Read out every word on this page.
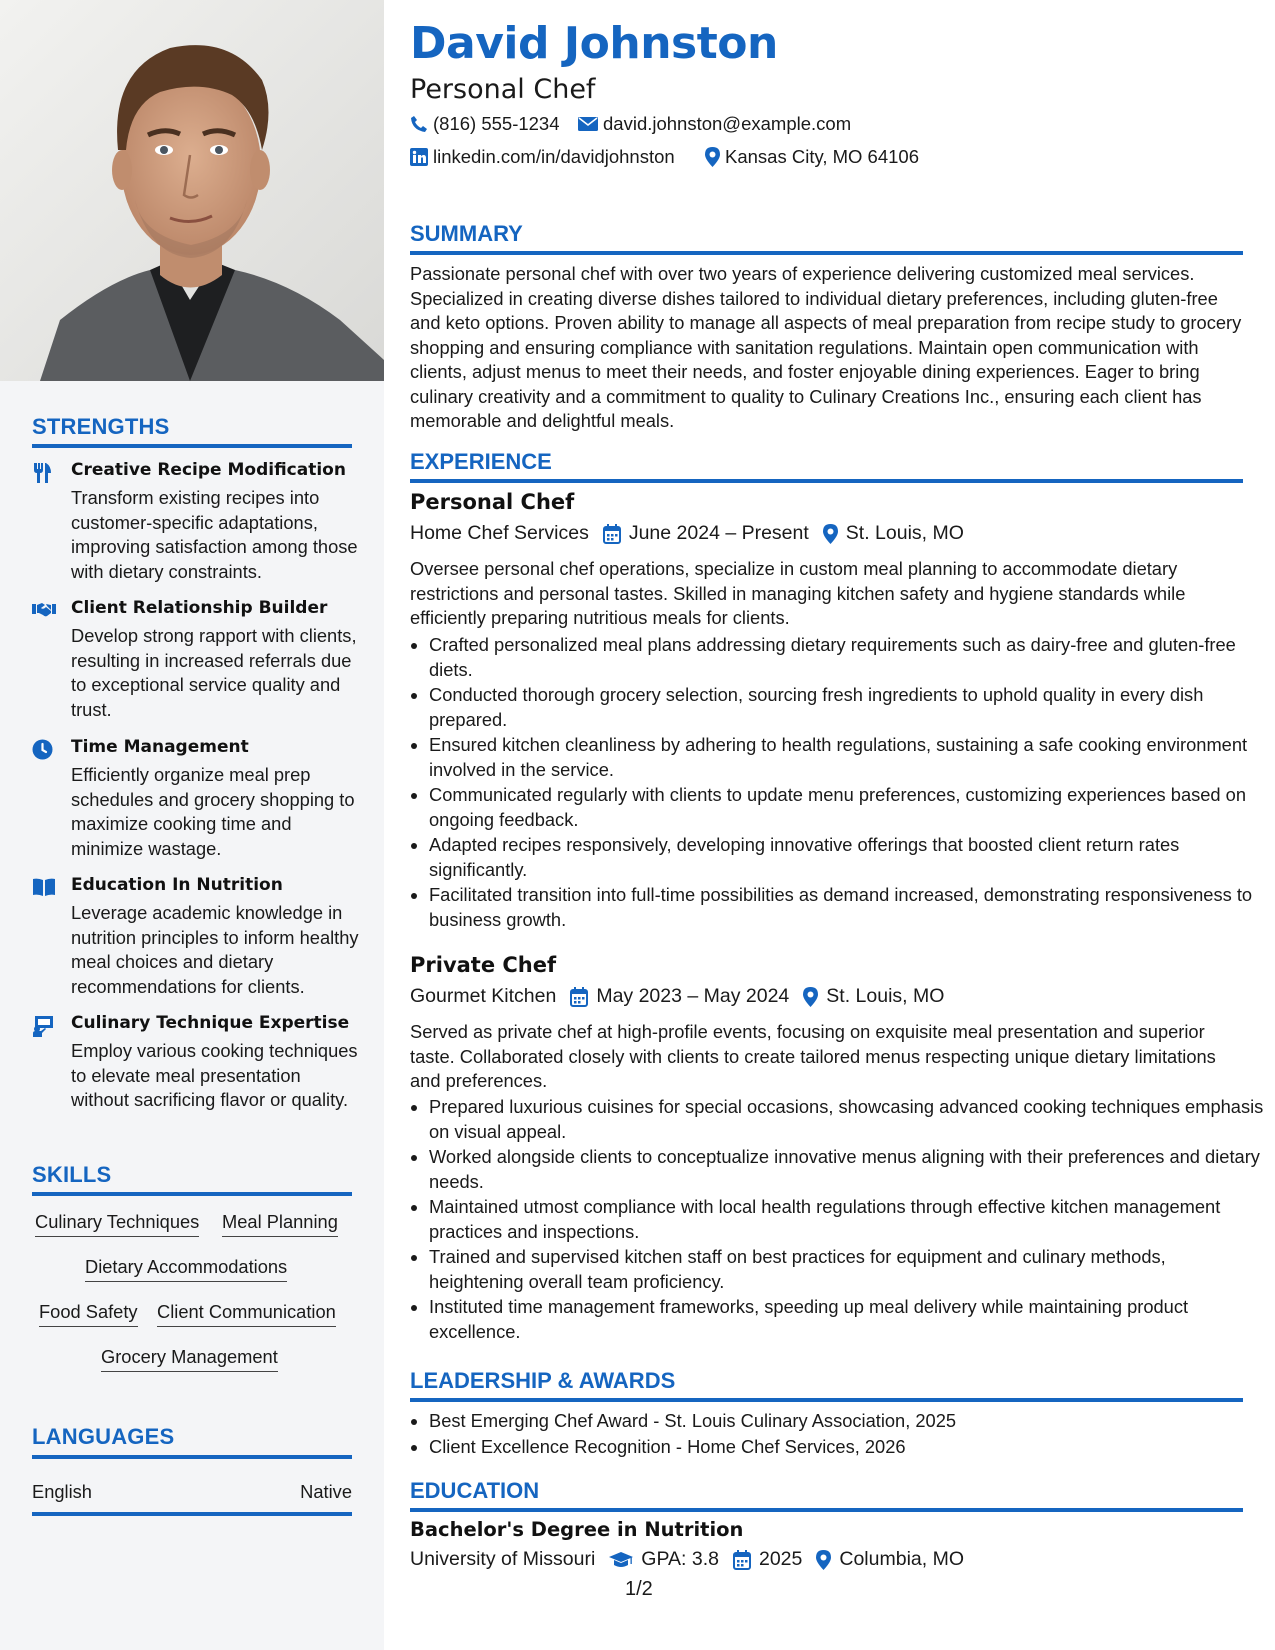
STRENGTHS
Creative Recipe Modification
Transform existing recipes into customer-specific adaptations, improving satisfaction among those with dietary constraints.
Client Relationship Builder
Develop strong rapport with clients, resulting in increased referrals due to exceptional service quality and trust.
Time Management
Efficiently organize meal prep schedules and grocery shopping to maximize cooking time and minimize wastage.
Education In Nutrition
Leverage academic knowledge in nutrition principles to inform healthy meal choices and dietary recommendations for clients.
Culinary Technique Expertise
Employ various cooking techniques to elevate meal presentation without sacrificing flavor or quality.
SKILLS
Culinary Techniques Meal Planning
Dietary Accommodations
Food Safety Client Communication
Grocery Management
LANGUAGES
English	Native
David Johnston
Personal Chef
(816) 555-1234 david.johnston@example.com
linkedin.com/in/davidjohnston	Kansas City, MO 64106
SUMMARY

Passionate personal chef with over two years of experience delivering customized meal services. Specialized in creating diverse dishes tailored to individual dietary preferences, including gluten-free and keto options. Proven ability to manage all aspects of meal preparation from recipe study to grocery shopping and ensuring compliance with sanitation regulations. Maintain open communication with clients, adjust menus to meet their needs, and foster enjoyable dining experiences. Eager to bring culinary creativity and a commitment to quality to Culinary Creations Inc., ensuring each client has memorable and delightful meals.

EXPERIENCE
Personal Chef
Home Chef Services June 2024 – Present St. Louis, MO

Oversee personal chef operations, specialize in custom meal planning to accommodate dietary restrictions and personal tastes. Skilled in managing kitchen safety and hygiene standards while efficiently preparing nutritious meals for clients.

• Crafted personalized meal plans addressing dietary requirements such as dairy-free and gluten-free diets.
• Conducted thorough grocery selection, sourcing fresh ingredients to uphold quality in every dish prepared.
• Ensured kitchen cleanliness by adhering to health regulations, sustaining a safe cooking environment involved in the service.
• Communicated regularly with clients to update menu preferences, customizing experiences based on ongoing feedback.
• Adapted recipes responsively, developing innovative offerings that boosted client return rates significantly.
• Facilitated transition into full-time possibilities as demand increased, demonstrating responsiveness to business growth.
Private Chef
Gourmet Kitchen May 2023 – May 2024 St. Louis, MO

Served as private chef at high-profile events, focusing on exquisite meal presentation and superior taste. Collaborated closely with clients to create tailored menus respecting unique dietary limitations and preferences.

• Prepared luxurious cuisines for special occasions, showcasing advanced cooking techniques emphasis on visual appeal.
• Worked alongside clients to conceptualize innovative menus aligning with their preferences and dietary needs.
• Maintained utmost compliance with local health regulations through effective kitchen management practices and inspections.
• Trained and supervised kitchen staff on best practices for equipment and culinary methods, heightening overall team proficiency.
• Instituted time management frameworks, speeding up meal delivery while maintaining product excellence.
LEADERSHIP & AWARDS
• Best Emerging Chef Award - St. Louis Culinary Association, 2025
• Client Excellence Recognition - Home Chef Services, 2026
EDUCATION
Bachelor's Degree in Nutrition
University of Missouri GPA: 3.8 2025 Columbia, MO
1/2
